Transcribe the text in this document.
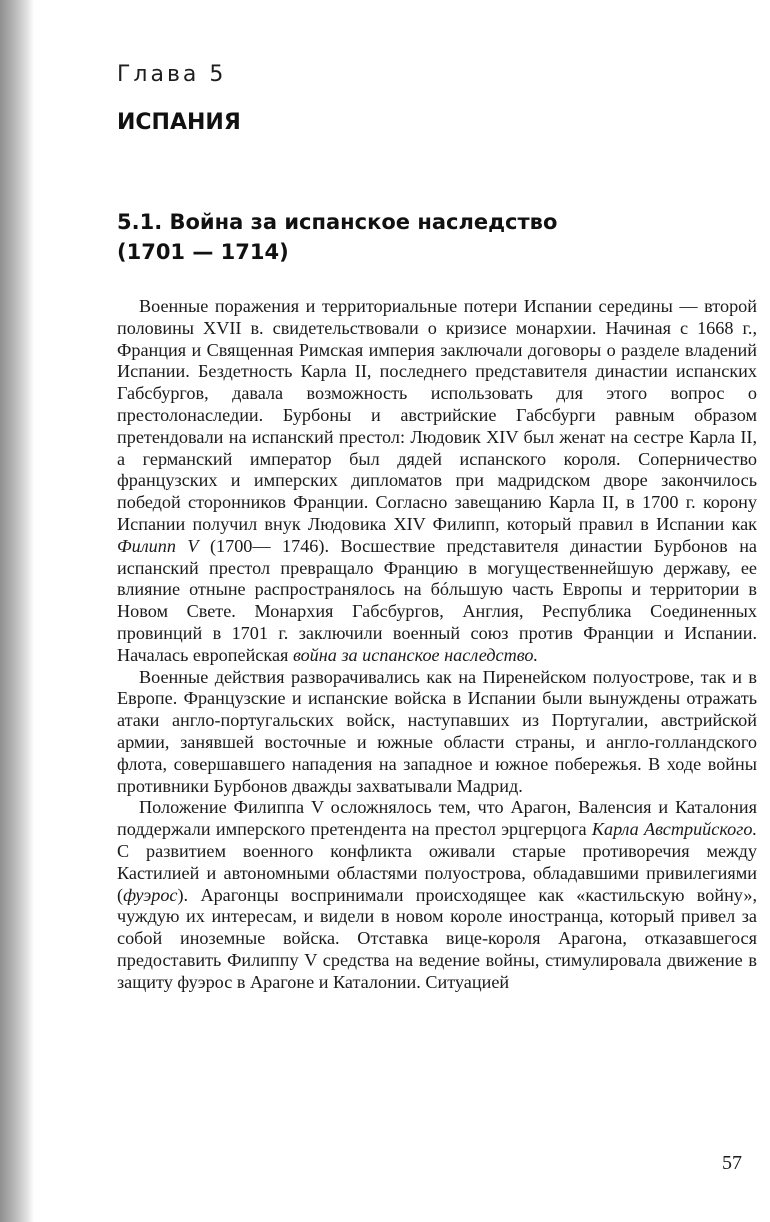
Глава 5
ИСПАНИЯ
5.1. Война за испанское наследство
(1701 — 1714)

Военные поражения и территориальные потери Испании середины — второй половины XVII в. свидетельствовали о кризисе монархии. Начиная с 1668 г., Франция и Священная Римская империя заключали договоры о разделе владений Испании. Бездетность Карла II, последнего представителя династии испанских Габсбургов, давала возможность использовать для этого вопрос о престолонаследии. Бурбоны и австрийские Габсбурги равным образом претендовали на испанский престол: Людовик XIV был женат на сестре Карла II, а германский император был дядей испанского короля. Соперничество французских и имперских дипломатов при мадридском дворе закончилось победой сторонников Франции. Согласно завещанию Карла II, в 1700 г. корону Испании получил внук Людовика XIV Филипп, который правил в Испании как Филипп V (1700— 1746). Восшествие представителя династии Бурбонов на испанский престол превращало Францию в могущественнейшую державу, ее влияние отныне распространялось на бóльшую часть Европы и территории в Новом Свете. Монархия Габсбургов, Англия, Республика Соединенных провинций в 1701 г. заключили военный союз против Франции и Испании. Началась европейская война за испанское наследство.

Военные действия разворачивались как на Пиренейском полуострове, так и в Европе. Французские и испанские войска в Испании были вынуждены отражать атаки англо-португальских войск, наступавших из Португалии, австрийской армии, занявшей восточные и южные области страны, и англо-голландского флота, совершавшего нападения на западное и южное побережья. В ходе войны противники Бурбонов дважды захватывали Мадрид.

Положение Филиппа V осложнялось тем, что Арагон, Валенсия и Каталония поддержали имперского претендента на престол эрцгерцога Карла Австрийского. С развитием военного конфликта оживали старые противоречия между Кастилией и автономными областями полуострова, обладавшими привилегиями (фуэрос). Арагонцы воспринимали происходящее как «кастильскую войну», чуждую их интересам, и видели в новом короле иностранца, который привел за собой иноземные войска. Отставка вице-короля Арагона, отказавшегося предоставить Филиппу V средства на ведение войны, стимулировала движение в защиту фуэрос в Арагоне и Каталонии. Ситуацией

57
